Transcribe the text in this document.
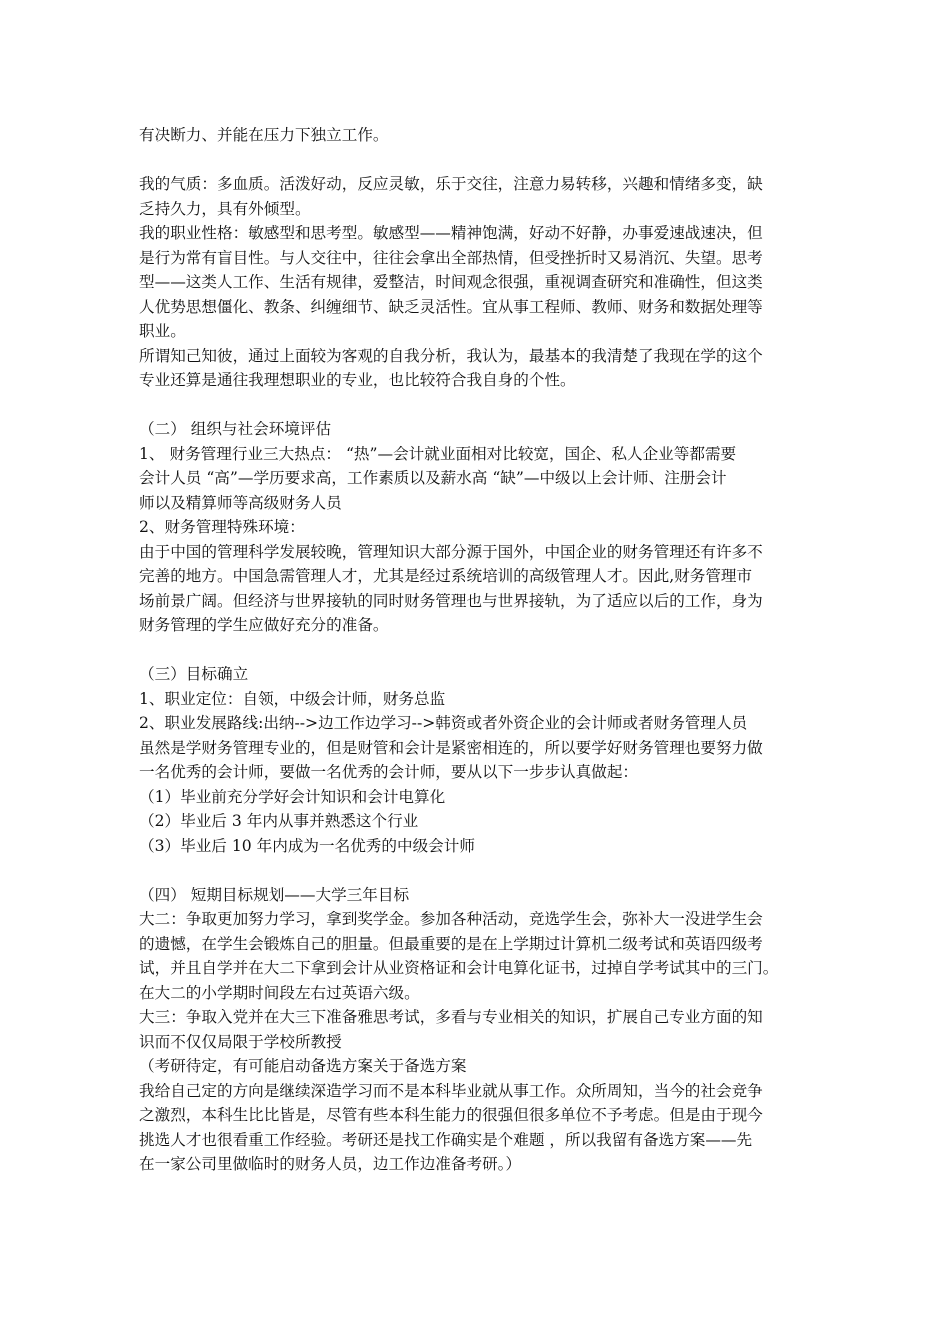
有决断力、并能在压力下独立工作。
我的气质：多血质。活泼好动，反应灵敏，乐于交往，注意力易转移，兴趣和情绪多变，缺
乏持久力，具有外倾型。
我的职业性格：敏感型和思考型。敏感型——精神饱满，好动不好静，办事爱速战速决，但
是行为常有盲目性。与人交往中，往往会拿出全部热情，但受挫折时又易消沉、失望。思考
型——这类人工作、生活有规律，爱整洁，时间观念很强，重视调查研究和准确性，但这类
人优势思想僵化、教条、纠缠细节、缺乏灵活性。宜从事工程师、教师、财务和数据处理等
职业。
所谓知己知彼，通过上面较为客观的自我分析，我认为，最基本的我清楚了我现在学的这个
专业还算是通往我理想职业的专业，也比较符合我自身的个性。
（二） 组织与社会环境评估
1、 财务管理行业三大热点： “热”—会计就业面相对比较宽，国企、私人企业等都需要
会计人员 “高”—学历要求高，工作素质以及薪水高 “缺”—中级以上会计师、注册会计
师以及精算师等高级财务人员
2、财务管理特殊环境：
由于中国的管理科学发展较晚，管理知识大部分源于国外，中国企业的财务管理还有许多不
完善的地方。中国急需管理人才，尤其是经过系统培训的高级管理人才。因此,财务管理市
场前景广阔。但经济与世界接轨的同时财务管理也与世界接轨，为了适应以后的工作，身为
财务管理的学生应做好充分的准备。
（三）目标确立
1、职业定位：自领，中级会计师，财务总监
2、职业发展路线:出纳-->边工作边学习-->韩资或者外资企业的会计师或者财务管理人员
虽然是学财务管理专业的，但是财管和会计是紧密相连的，所以要学好财务管理也要努力做
一名优秀的会计师，要做一名优秀的会计师，要从以下一步步认真做起：
（1）毕业前充分学好会计知识和会计电算化
（2）毕业后 3 年内从事并熟悉这个行业
（3）毕业后 10 年内成为一名优秀的中级会计师
（四） 短期目标规划——大学三年目标
大二：争取更加努力学习，拿到奖学金。参加各种活动，竞选学生会，弥补大一没进学生会
的遗憾，在学生会锻炼自己的胆量。但最重要的是在上学期过计算机二级考试和英语四级考
试，并且自学并在大二下拿到会计从业资格证和会计电算化证书，过掉自学考试其中的三门。
在大二的小学期时间段左右过英语六级。
大三：争取入党并在大三下准备雅思考试，多看与专业相关的知识，扩展自己专业方面的知
识而不仅仅局限于学校所教授
（考研待定，有可能启动备选方案关于备选方案
我给自己定的方向是继续深造学习而不是本科毕业就从事工作。众所周知，当今的社会竞争
之激烈，本科生比比皆是，尽管有些本科生能力的很强但很多单位不予考虑。但是由于现今
挑选人才也很看重工作经验。考研还是找工作确实是个难题 ，所以我留有备选方案——先
在一家公司里做临时的财务人员，边工作边准备考研。）
